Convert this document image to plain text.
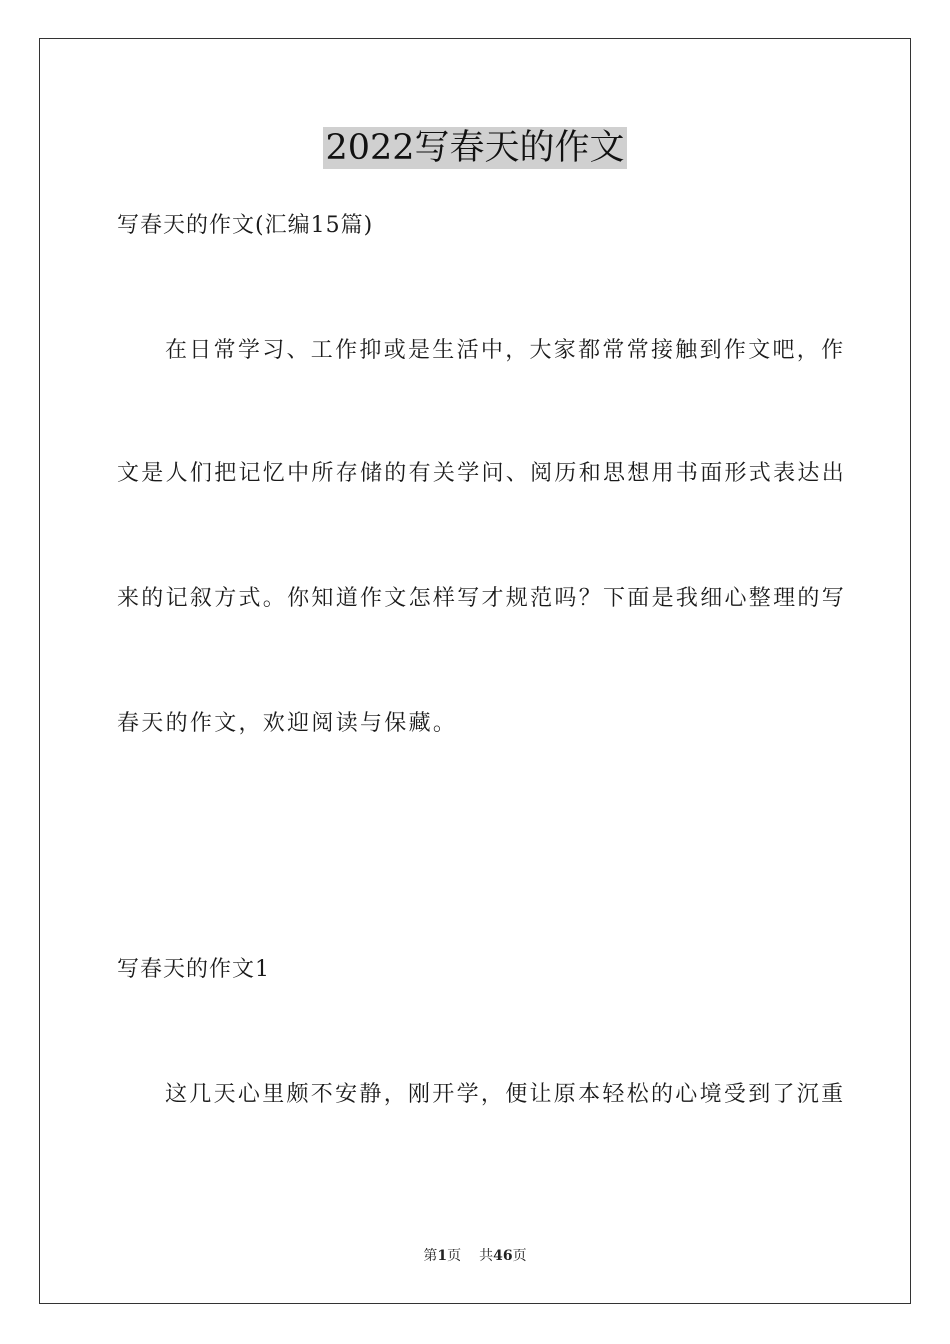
2022写春天的作文
写春天的作文(汇编15篇)
在日常学习、工作抑或是生活中，大家都常常接触到作文吧，作
文是人们把记忆中所存储的有关学问、阅历和思想用书面形式表达出
来的记叙方式。你知道作文怎样写才规范吗？下面是我细心整理的写
春天的作文，欢迎阅读与保藏。
写春天的作文1
这几天心里颇不安静，刚开学，便让原本轻松的心境受到了沉重
第1页 共46页
